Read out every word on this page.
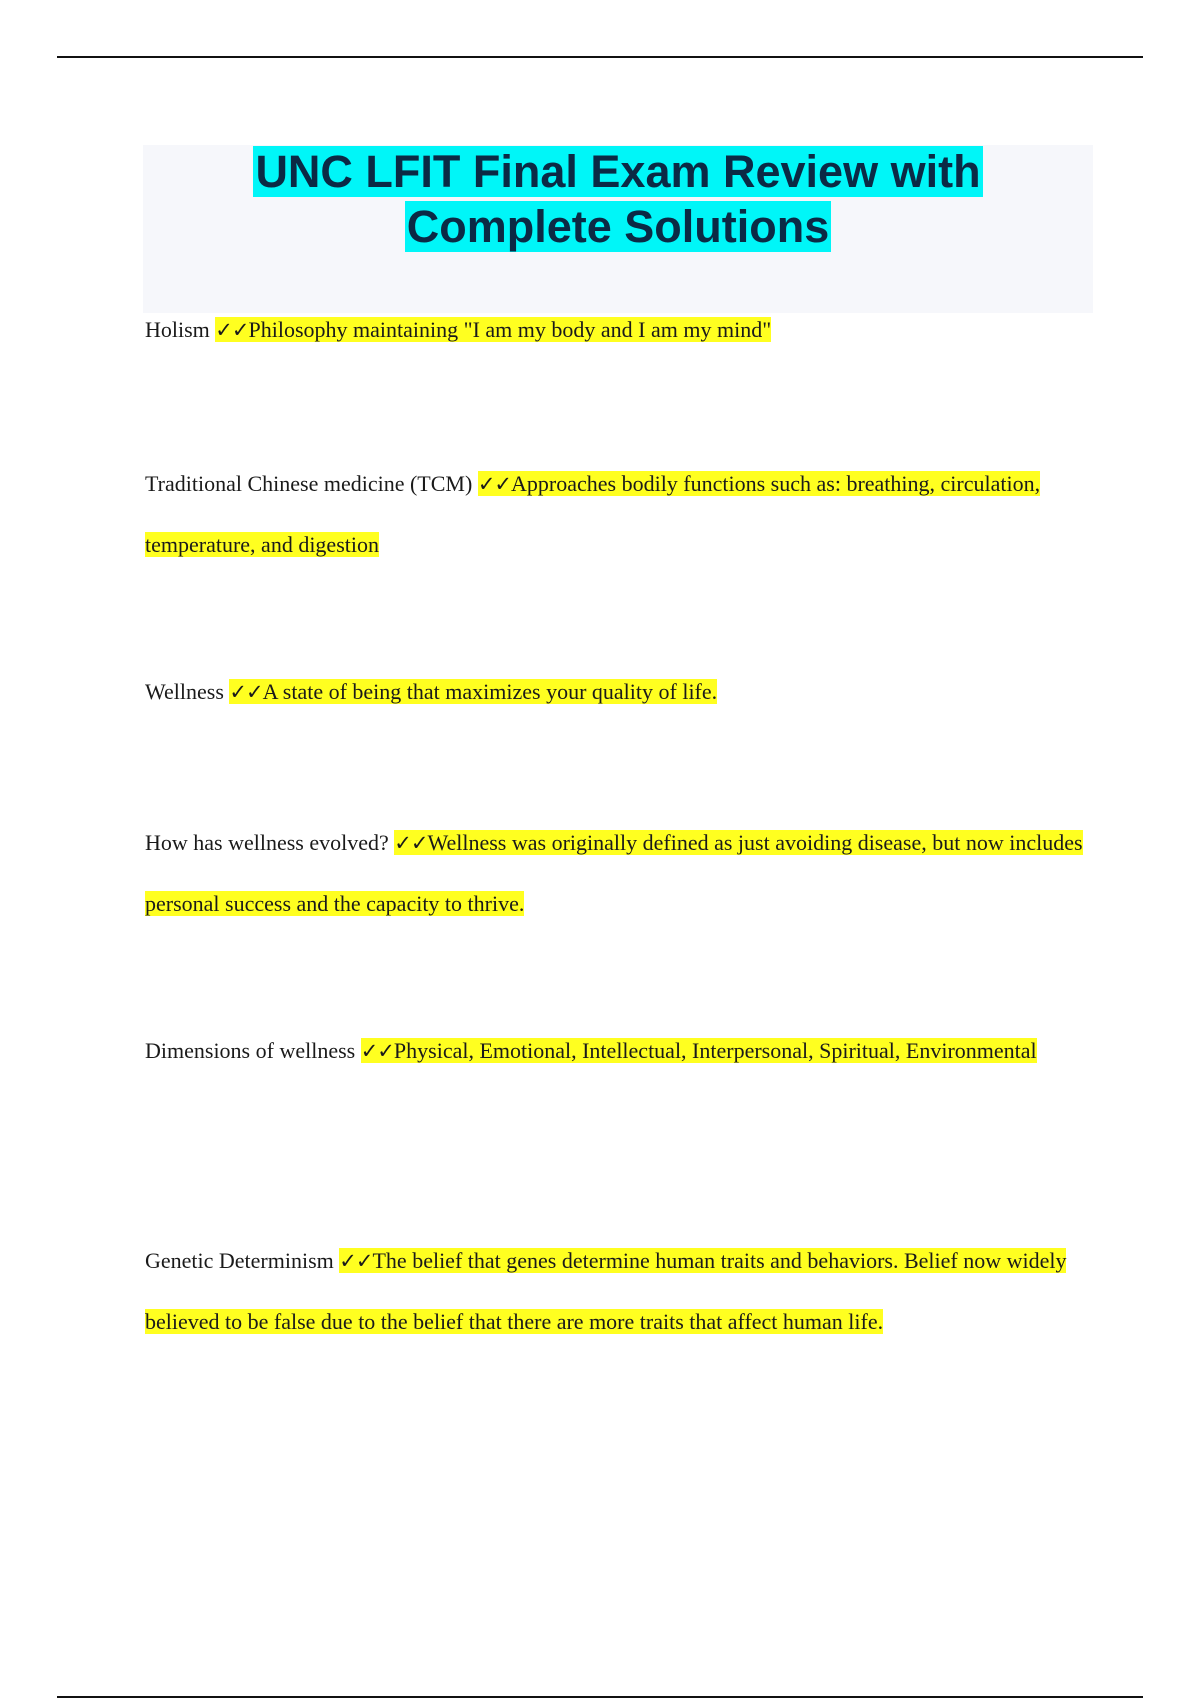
UNC LFIT Final Exam Review with
Complete Solutions

Holism ✓✓Philosophy maintaining "I am my body and I am my mind"

Traditional Chinese medicine (TCM) ✓✓Approaches bodily functions such as: breathing, circulation, temperature, and digestion

Wellness ✓✓A state of being that maximizes your quality of life.

How has wellness evolved? ✓✓Wellness was originally defined as just avoiding disease, but now includes personal success and the capacity to thrive.

Dimensions of wellness ✓✓Physical, Emotional, Intellectual, Interpersonal, Spiritual, Environmental

Genetic Determinism ✓✓The belief that genes determine human traits and behaviors. Belief now widely believed to be false due to the belief that there are more traits that affect human life.
